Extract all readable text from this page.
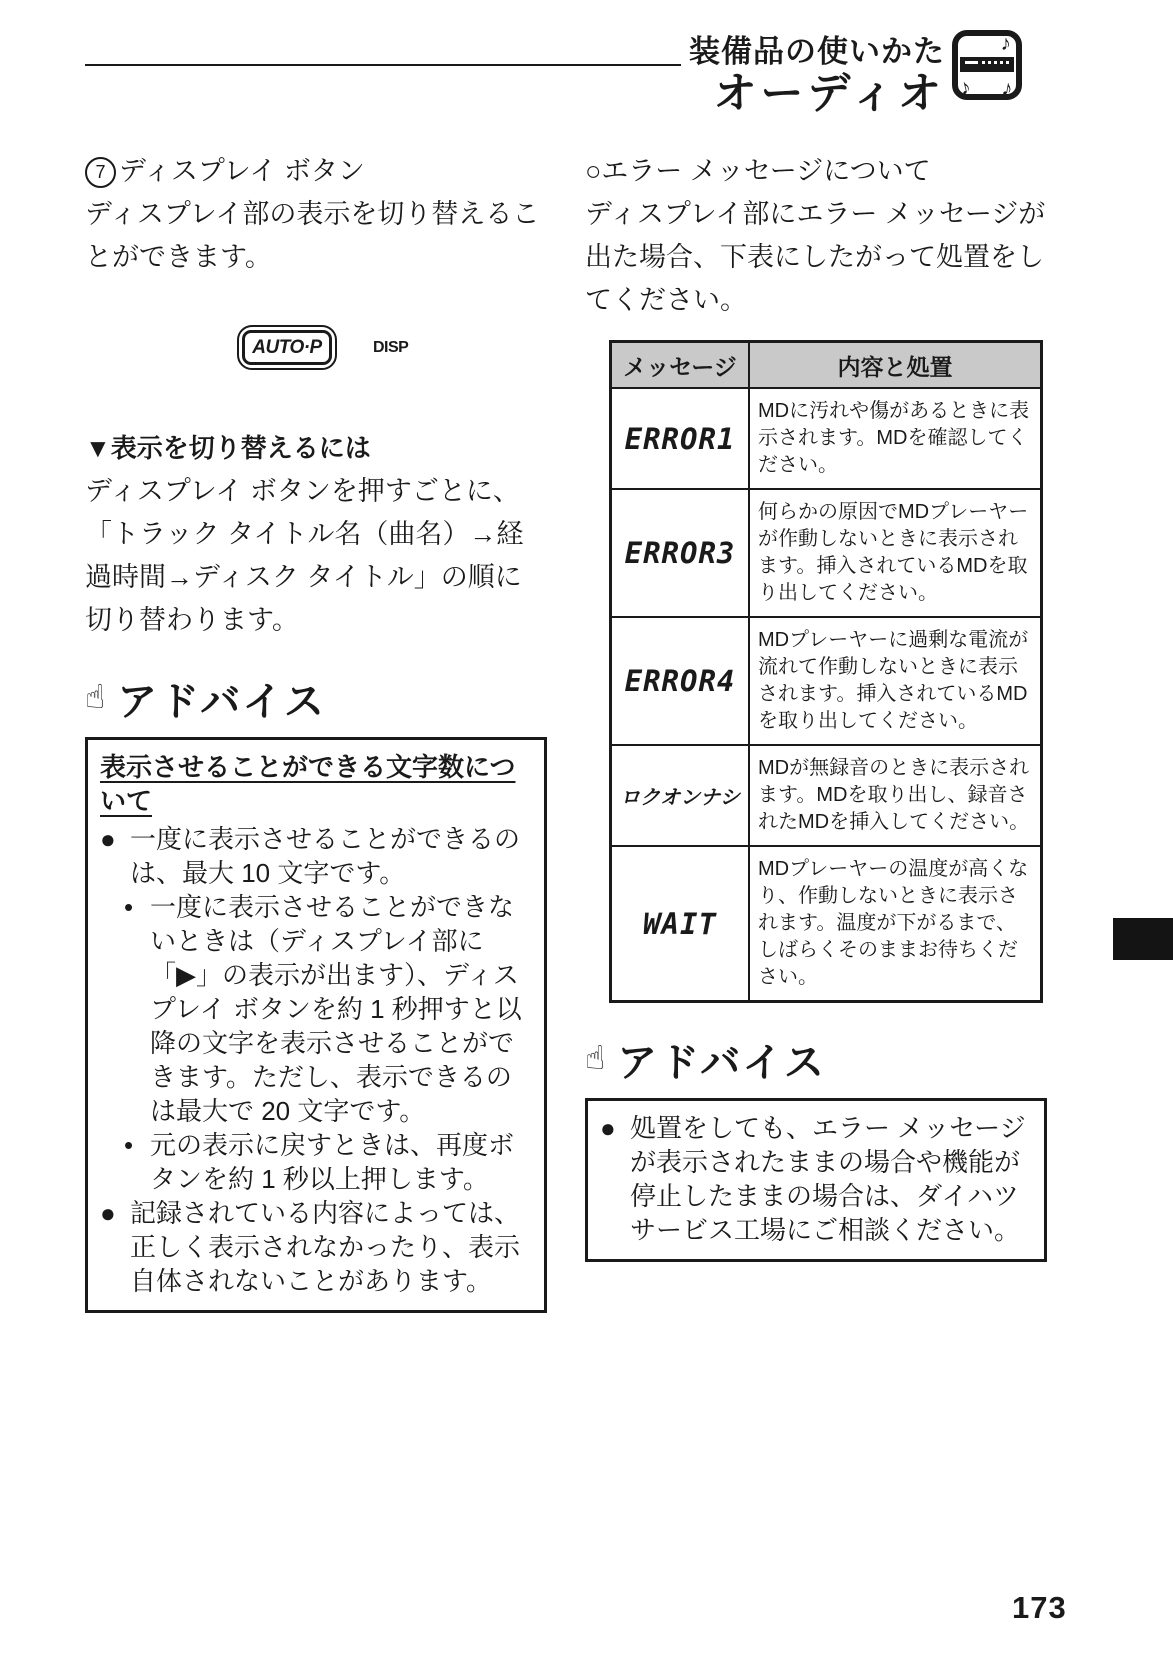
装備品の使いかた
オーディオ
♪
♪ ♪
7 ディスプレイ ボタン
ディスプレイ部の表示を切り替えることができます。
AUTO·P	DISP
▼表示を切り替えるには
ディスプレイ ボタンを押すごとに、「トラック タイトル名（曲名）→経過時間→ディスク タイトル」の順に切り替わります。
☝ アドバイス
表示させることができる文字数について
● 一度に表示させることができるのは、最大 10 文字です。
• 一度に表示させることができないときは（ディスプレイ部に「▶」の表示が出ます）、ディスプレイ ボタンを約 1 秒押すと以降の文字を表示させることができます。ただし、表示できるのは最大で 20 文字です。
• 元の表示に戻すときは、再度ボタンを約 1 秒以上押します。
● 記録されている内容によっては、正しく表示されなかったり、表示自体されないことがあります。
○エラー メッセージについて
ディスプレイ部にエラー メッセージが出た場合、下表にしたがって処置をしてください。
メッセージ	内容と処置
ERROR1	MDに汚れや傷があるときに表示されます。MDを確認してください。
ERROR3	何らかの原因でMDプレーヤーが作動しないときに表示されます。挿入されているMDを取り出してください。
ERROR4	MDプレーヤーに過剰な電流が流れて作動しないときに表示されます。挿入されているMDを取り出してください。
ロクオンナシ	MDが無録音のときに表示されます。MDを取り出し、録音されたMDを挿入してください。
WAIT	MDプレーヤーの温度が高くなり、作動しないときに表示されます。温度が下がるまで、しばらくそのままお待ちください。
☝ アドバイス
● 処置をしても、エラー メッセージが表示されたままの場合や機能が停止したままの場合は、ダイハツ サービス工場にご相談ください。
173
